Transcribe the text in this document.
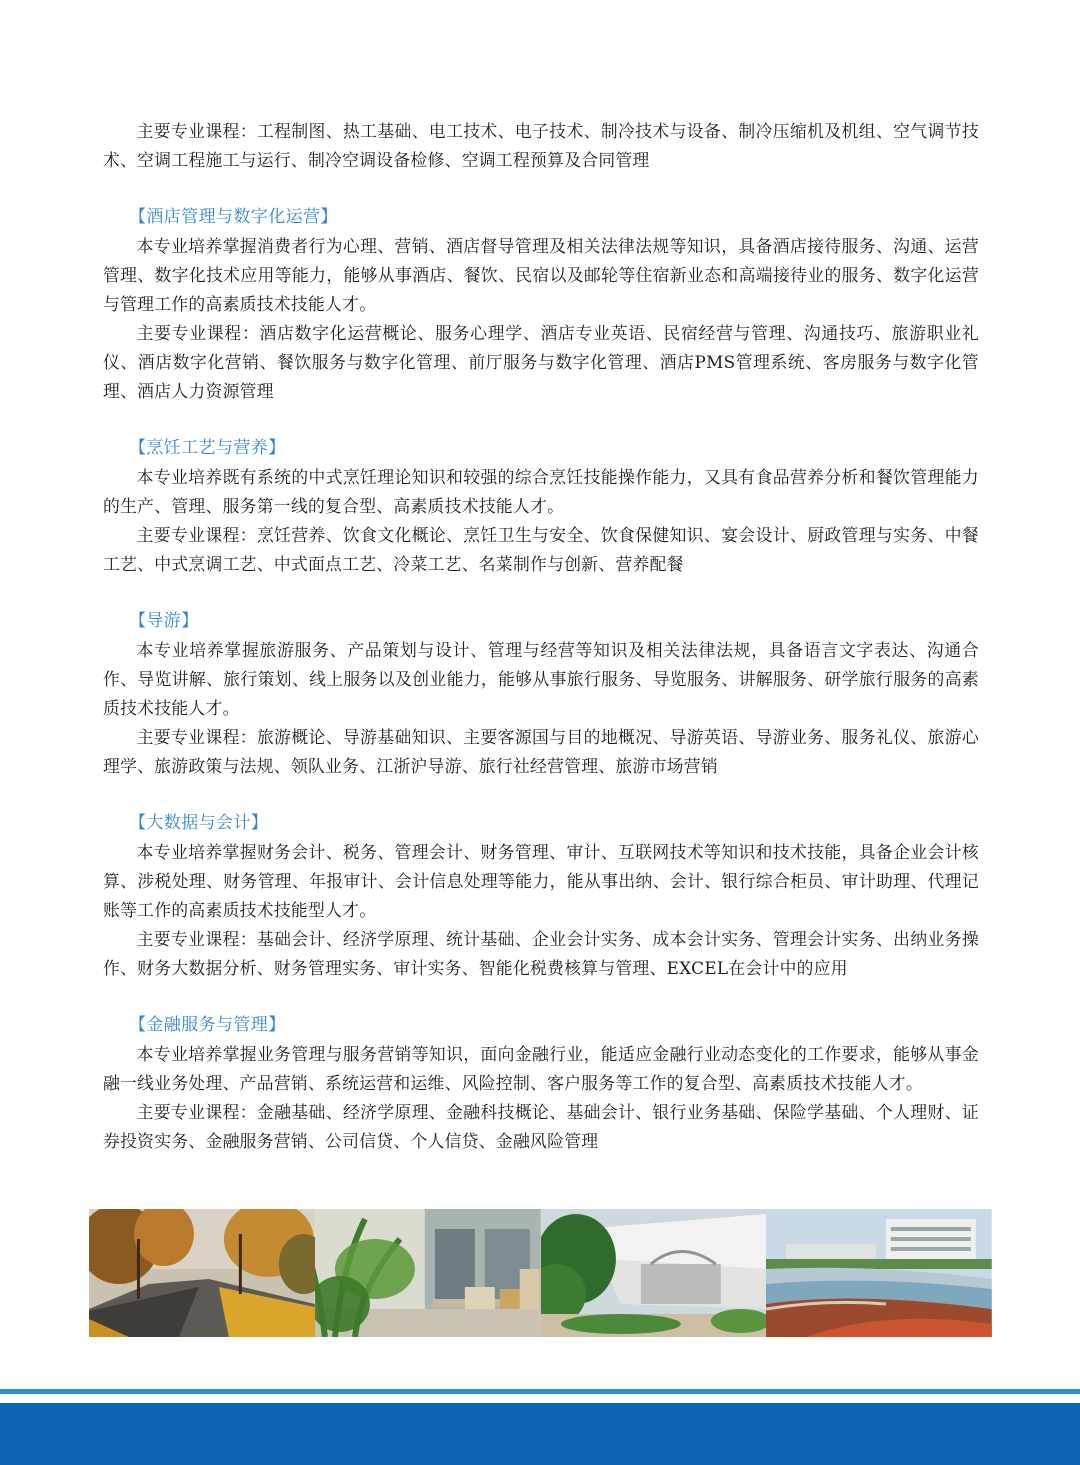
主要专业课程：工程制图、热工基础、电工技术、电子技术、制冷技术与设备、制冷压缩机及机组、空气调节技术、空调工程施工与运行、制冷空调设备检修、空调工程预算及合同管理

【酒店管理与数字化运营】

本专业培养掌握消费者行为心理、营销、酒店督导管理及相关法律法规等知识，具备酒店接待服务、沟通、运营管理、数字化技术应用等能力，能够从事酒店、餐饮、民宿以及邮轮等住宿新业态和高端接待业的服务、数字化运营与管理工作的高素质技术技能人才。

主要专业课程：酒店数字化运营概论、服务心理学、酒店专业英语、民宿经营与管理、沟通技巧、旅游职业礼仪、酒店数字化营销、餐饮服务与数字化管理、前厅服务与数字化管理、酒店PMS管理系统、客房服务与数字化管理、酒店人力资源管理

【烹饪工艺与营养】

本专业培养既有系统的中式烹饪理论知识和较强的综合烹饪技能操作能力，又具有食品营养分析和餐饮管理能力的生产、管理、服务第一线的复合型、高素质技术技能人才。

主要专业课程：烹饪营养、饮食文化概论、烹饪卫生与安全、饮食保健知识、宴会设计、厨政管理与实务、中餐工艺、中式烹调工艺、中式面点工艺、冷菜工艺、名菜制作与创新、营养配餐

【导游】

本专业培养掌握旅游服务、产品策划与设计、管理与经营等知识及相关法律法规，具备语言文字表达、沟通合作、导览讲解、旅行策划、线上服务以及创业能力，能够从事旅行服务、导览服务、讲解服务、研学旅行服务的高素质技术技能人才。

主要专业课程：旅游概论、导游基础知识、主要客源国与目的地概况、导游英语、导游业务、服务礼仪、旅游心理学、旅游政策与法规、领队业务、江浙沪导游、旅行社经营管理、旅游市场营销

【大数据与会计】

本专业培养掌握财务会计、税务、管理会计、财务管理、审计、互联网技术等知识和技术技能，具备企业会计核算、涉税处理、财务管理、年报审计、会计信息处理等能力，能从事出纳、会计、银行综合柜员、审计助理、代理记账等工作的高素质技术技能型人才。

主要专业课程：基础会计、经济学原理、统计基础、企业会计实务、成本会计实务、管理会计实务、出纳业务操作、财务大数据分析、财务管理实务、审计实务、智能化税费核算与管理、EXCEL在会计中的应用

【金融服务与管理】

本专业培养掌握业务管理与服务营销等知识，面向金融行业，能适应金融行业动态变化的工作要求，能够从事金融一线业务处理、产品营销、系统运营和运维、风险控制、客户服务等工作的复合型、高素质技术技能人才。

主要专业课程：金融基础、经济学原理、金融科技概论、基础会计、银行业务基础、保险学基础、个人理财、证券投资实务、金融服务营销、公司信贷、个人信贷、金融风险管理
